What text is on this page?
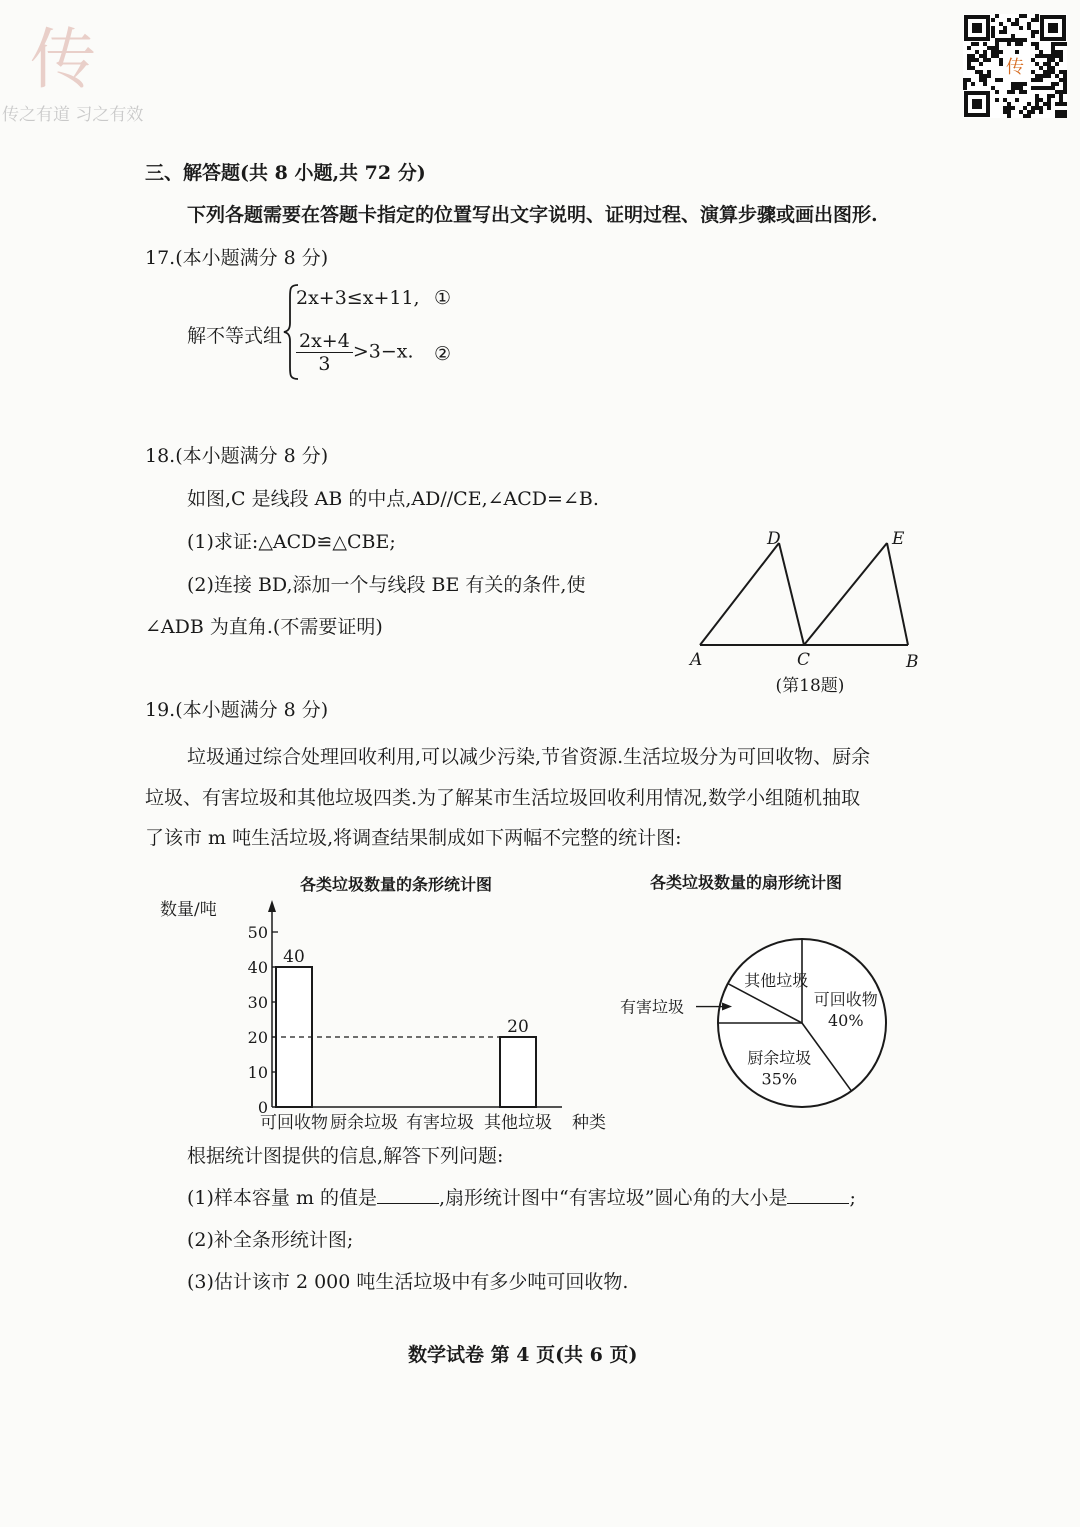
传
传之有道 习之有效
传
三、解答题(共 8 小题,共 72 分)
下列各题需要在答题卡指定的位置写出文字说明、证明过程、演算步骤或画出图形.
17.(本小题满分 8 分)
解不等式组
2x+3≤x+11, ①
$\frac{2x+4}{3} >3-x$. ②
18.(本小题满分 8 分)
如图,C 是线段 AB 的中点,AD//CE,∠ACD=∠B.
(1)求证:△ACD≌△CBE;
(2)连接 BD,添加一个与线段 BE 有关的条件,使
∠ADB 为直角.(不需要证明)
A	C	B
D	E
(第18题)
19.(本小题满分 8 分)
垃圾通过综合处理回收利用,可以减少污染,节省资源.生活垃圾分为可回收物、厨余
垃圾、有害垃圾和其他垃圾四类.为了解某市生活垃圾回收利用情况,数学小组随机抽取
了该市 m 吨生活垃圾,将调查结果制成如下两幅不完整的统计图:
各类垃圾数量的条形统计图	各类垃圾数量的扇形统计图
数量/吨
0
10
20
30
40
50
可回收物
40
厨余垃圾 有害垃圾 其他垃圾
20
种类
可回收物
40%
厨余垃圾
35%
其他垃圾
有害垃圾
根据统计图提供的信息,解答下列问题:
(1)样本容量 m 的值是	,扇形统计图中“有害垃圾”圆心角的大小是	;
(2)补全条形统计图;
(3)估计该市 2 000 吨生活垃圾中有多少吨可回收物.
数学试卷 第 4 页(共 6 页)
